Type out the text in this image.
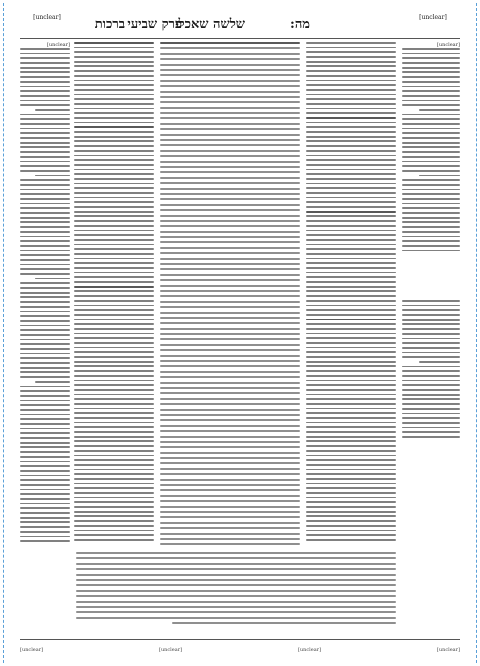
[unclear]
מה:
שלשה שאכלו
פרק שביעי
ברכות
[unclear]
[unclear]
[unclear]
[unclear]
[unclear]
[unclear]
[unclear]
